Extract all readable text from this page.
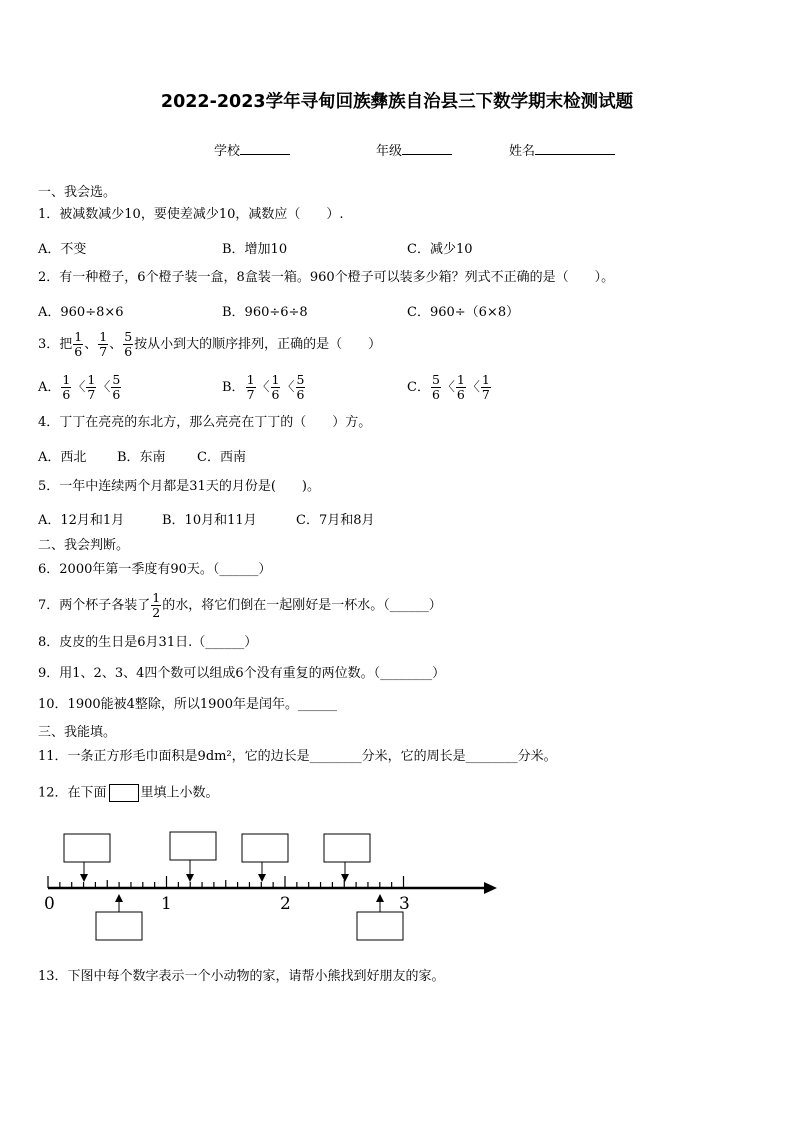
2022-2023学年寻甸回族彝族自治县三下数学期末检测试题
学校	年级	姓名
一、我会选。
1．被减数减少10，要使差减少10，减数应（　　）.
A．不变	B．增加10	C．减少10
2．有一种橙子，6个橙子装一盒，8盒装一箱。960个橙子可以装多少箱？列式不正确的是（　　）。
A．960÷8×6	B．960÷6÷8	C．960÷（6×8）
3．把 $\frac{1}{6}$ 、 $\frac{1}{7}$ 、 $\frac{5}{6}$ 按从小到大的顺序排列，正确的是（　　）
A． $\frac{1}{6}$ 〈 $\frac{1}{7}$ 〈 $\frac{5}{6}$	B． $\frac{1}{7}$ 〈 $\frac{1}{6}$ 〈 $\frac{5}{6}$	C． $\frac{5}{6}$ 〈 $\frac{1}{6}$ 〈 $\frac{1}{7}$
4．丁丁在亮亮的东北方，那么亮亮在丁丁的（　　）方。
A．西北 B．东南 C．西南
5．一年中连续两个月都是31天的月份是(　　)。
A．12月和1月	B．10月和11月	C．7月和8月
二、我会判断。
6．2000年第一季度有90天。（______）
7．两个杯子各装了 $\frac{1}{2}$ 的水，将它们倒在一起刚好是一杯水。（______）
8．皮皮的生日是6月31日.（______）
9．用1、2、3、4四个数可以组成6个没有重复的两位数。（________）
10．1900能被4整除，所以1900年是闰年。______
三、我能填。
11．一条正方形毛巾面积是9dm²，它的边长是________分米，它的周长是________分米。
12．在下面	里填上小数。
0	1	2	3
13．下图中每个数字表示一个小动物的家，请帮小熊找到好朋友的家。
